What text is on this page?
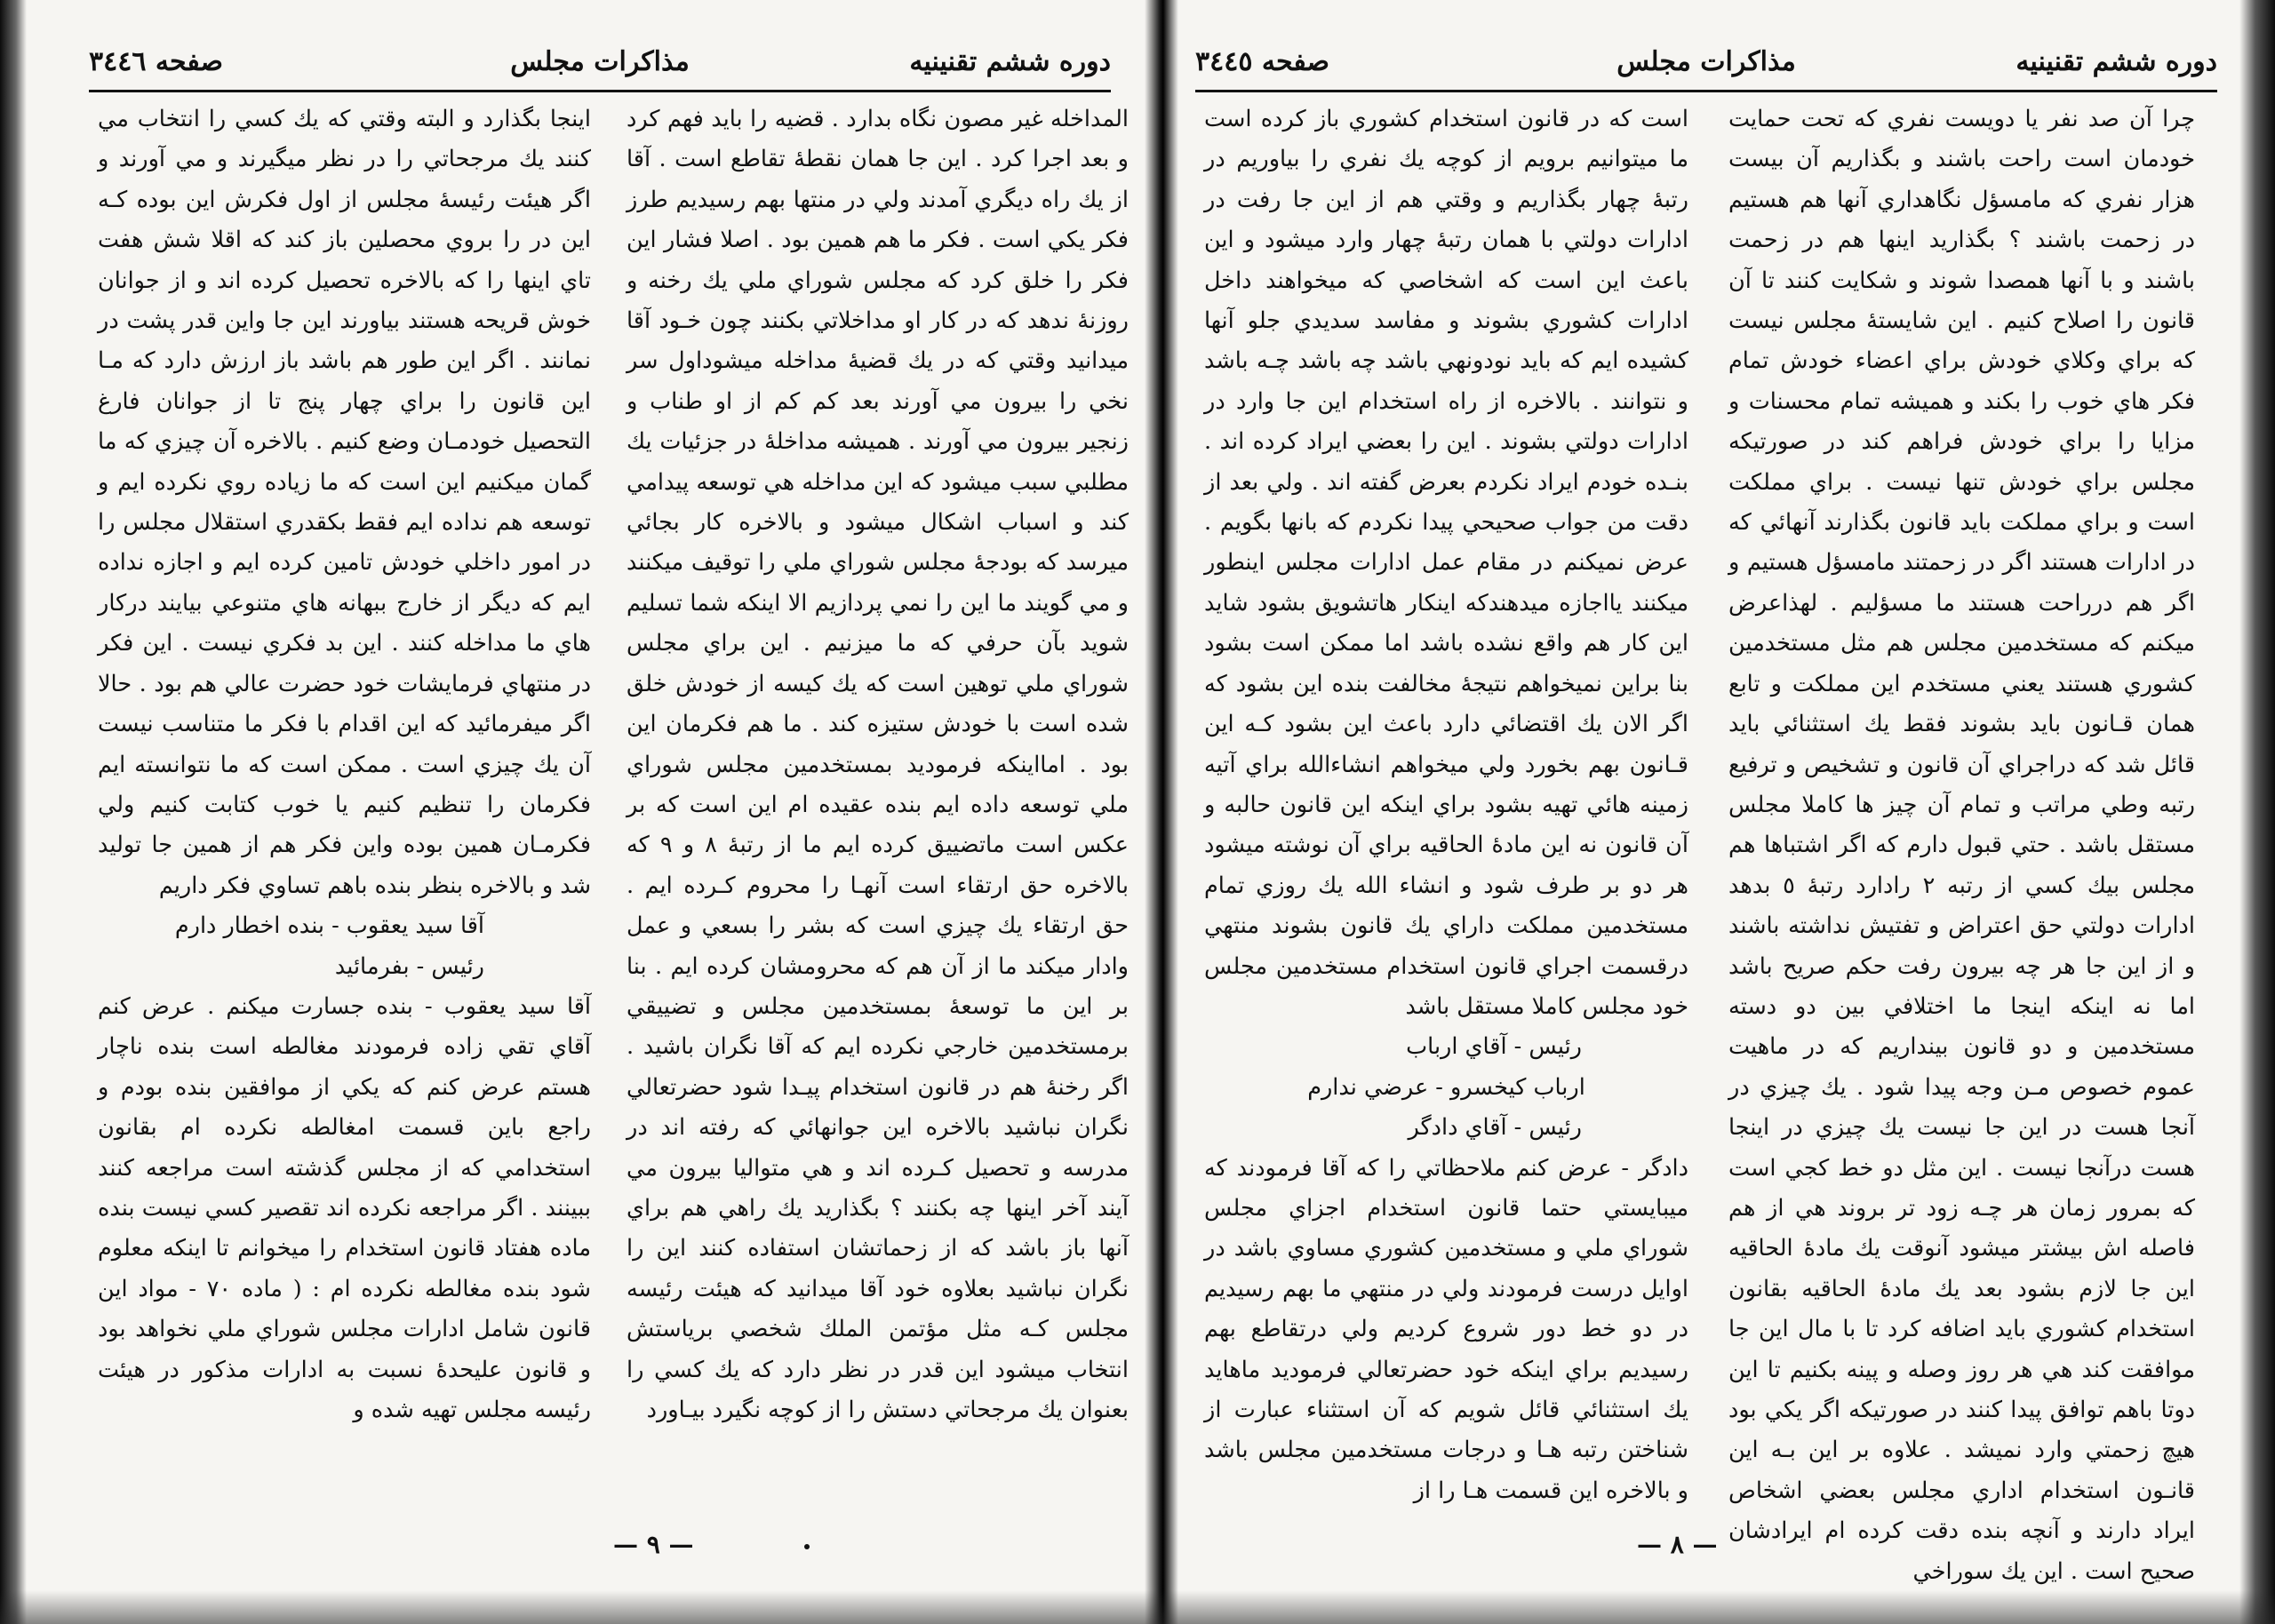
دوره ششم تقنينيه
مذاكرات مجلس
صفحه ٣٤٤٦	دوره ششم تقنينيه
مذاكرات مجلس
صفحه ٣٤٤٥

چرا آن صد نفر يا دويست نفري كه تحت حمايت خودمان است راحت باشند و بگذاريم آن بيست هزار نفري كه مامسؤل نگاهداري آنها هم هستيم در زحمت باشند ؟ بگذاريد اينها هم در زحمت باشند و با آنها همصدا شوند و شكايت كنند تا آن قانون را اصلاح كنيم . اين شايستهٔ مجلس نيست كه براي وكلاي خودش براي اعضاء خودش تمام فكر هاي خوب را بكند و هميشه تمام محسنات و مزايا را براي خودش فراهم كند در صورتيكه مجلس براي خودش تنها نيست . براي مملكت است و براي مملكت بايد قانون بگذارند آنهائي كه در ادارات هستند اگر در زحمتند مامسؤل هستيم و اگر هم درراحت هستند ما مسؤليم . لهذاعرض ميكنم كه مستخدمين مجلس هم مثل مستخدمين كشوري هستند يعني مستخدم اين مملكت و تابع همان قـانون بايد بشوند فقط يك استثنائي بايد قائل شد كه دراجراي آن قانون و تشخيص و ترفيع رتبه وطي مراتب و تمام آن چيز ها كاملا مجلس مستقل باشد . حتي قبول دارم كه اگر اشتباها هم مجلس بيك كسي از رتبه ٢ رادارد رتبهٔ ٥ بدهد ادارات دولتي حق اعتراض و تفتيش نداشته باشند و از اين جا هر چه بيرون رفت حكم صريح باشد اما نه اينكه اينجا ما اختلافي بين دو دسته مستخدمين و دو قانون بينداريم كه در ماهيت عموم خصوص مـن وجه پيدا شود . يك چيزي در آنجا هست در اين جا نيست يك چيزي در اينجا هست درآنجا نيست . اين مثل دو خط كجي است كه بمرور زمان هر چـه زود تر بروند هي از هم فاصله اش بيشتر ميشود آنوقت يك مادهٔ الحاقيه اين جا لازم بشود بعد يك مادهٔ الحاقيه بقانون استخدام كشوري بايد اضافه كرد تا با مال اين جا موافقت كند هي هر روز وصله و پينه بكنيم تا اين دوتا باهم توافق پيدا كنند در صورتيكه اگر يكي بود هيچ زحمتي وارد نميشد . علاوه بر اين بـه اين قانـون استخدام اداري مجلس بعضي اشخاص ايراد دارند و آنچه بنده دقت كرده ام ايرادشان صحيح است . اين يك سوراخي

است كه در قانون استخدام كشوري باز كرده است ما ميتوانيم برويم از كوچه يك نفري را بياوريم در رتبهٔ چهار بگذاريم و وقتي هم از اين جا رفت در ادارات دولتي با همان رتبهٔ چهار وارد ميشود و اين باعث اين است كه اشخاصي كه ميخواهند داخل ادارات كشوري بشوند و مفاسد سديدي جلو آنها كشيده ايم كه بايد نودونهي باشد چه باشد چـه باشد و نتوانند . بالاخره از راه استخدام اين جا وارد در ادارات دولتي بشوند . اين را بعضي ايراد كرده اند . بنـده خودم ايراد نكردم بعرض گفته اند . ولي بعد از دقت من جواب صحيحي پيدا نكردم كه بانها بگويم . عرض نميكنم در مقام عمل ادارات مجلس اينطور ميكنند يااجازه ميدهندكه اينكار هاتشويق بشود شايد اين كار هم واقع نشده باشد اما ممكن است بشود بنا براين نميخواهم نتيجهٔ مخالفت بنده اين بشود كه اگر الان يك اقتضائي دارد باعث اين بشود كـه اين قـانون بهم بخورد ولي ميخواهم انشاءالله براي آتيه زمينه هائي تهيه بشود براي اينكه اين قانون حالبه و آن قانون نه اين مادهٔ الحاقيه براي آن نوشته ميشود هر دو بر طرف شود و انشاء الله يك روزي تمام مستخدمين مملكت داراي يك قانون بشوند منتهي درقسمت اجراي قانون استخدام مستخدمين مجلس خود مجلس كاملا مستقل باشد

رئيس - آقاي ارباب

ارباب كيخسرو - عرضي ندارم

رئيس - آقاي دادگر

دادگر - عرض كنم ملاحظاتي را كه آقا فرمودند كه ميبايستي حتما قانون استخدام اجزاي مجلس شوراي ملي و مستخدمين كشوري مساوي باشد در اوايل درست فرمودند ولي در منتهي ما بهم رسيديم در دو خط دور شروع كرديم ولي درتقاطع بهم رسيديم براي اينكه خود حضرتعالي فرموديد ماهايد يك استثنائي قائل شويم كه آن استثناء عبارت از شناختن رتبه هـا و درجات مستخدمين مجلس باشد و بالاخره اين قسمت هـا را از

المداخله غير مصون نگاه بدارد . قضيه را بايد فهم كرد و بعد اجرا كرد . اين جا همان نقطهٔ تقاطع است . آقا از يك راه ديگري آمدند ولي در منتها بهم رسيديم طرز فكر يكي است . فكر ما هم همين بود . اصلا فشار اين فكر را خلق كرد كه مجلس شوراي ملي يك رخنه و روزنهٔ ندهد كه در كار او مداخلاتي بكنند چون خـود آقا ميدانيد وقتي كه در يك قضيهٔ مداخله ميشوداول سر نخي را بيرون مي آورند بعد كم كم از او طناب و زنجير بيرون مي آورند . هميشه مداخلهٔ در جزئيات يك مطلبي سبب ميشود كه اين مداخله هي توسعه پيدامي كند و اسباب اشكال ميشود و بالاخره كار بجائي ميرسد كه بودجهٔ مجلس شوراي ملي را توقيف ميكنند و مي گويند ما اين را نمي پردازيم الا اينكه شما تسليم شويد بآن حرفي كه ما ميزنيم . اين براي مجلس شوراي ملي توهين است كه يك كيسه از خودش خلق شده است با خودش ستيزه كند . ما هم فكرمان اين بود . امااينكه فرموديد بمستخدمين مجلس شوراي ملي توسعه داده ايم بنده عقيده ام اين است كه بر عكس است ماتضييق كرده ايم ما از رتبهٔ ٨ و ٩ كه بالاخره حق ارتقاء است آنهـا را محروم كـرده ايم . حق ارتقاء يك چيزي است كه بشر را بسعي و عمل وادار ميكند ما از آن هم كه محرومشان كرده ايم . بنا بر اين ما توسعهٔ بمستخدمين مجلس و تضييقي برمستخدمين خارجي نكرده ايم كه آقا نگران باشيد . اگر رخنهٔ هم در قانون استخدام پيـدا شود حضرتعالي نگران نباشيد بالاخره اين جوانهائي كه رفته اند در مدرسه و تحصيل كـرده اند و هي متواليا بيرون مي آيند آخر اينها چه بكنند ؟ بگذاريد يك راهي هم براي آنها باز باشد كه از زحماتشان استفاده كنند اين را نگران نباشيد بعلاوه خود آقا ميدانيد كه هيئت رئيسه مجلس كـه مثل مؤتمن الملك شخصي برياستش انتخاب ميشود اين قدر در نظر دارد كه يك كسي را بعنوان يك مرجحاتي دستش را از كوچه نگيرد بيـاورد

اينجا بگذارد و البته وقتي كه يك كسي را انتخاب مي كنند يك مرجحاتي را در نظر ميگيرند و مي آورند و اگر هيئت رئيسهٔ مجلس از اول فكرش اين بوده كـه اين در را بروي محصلين باز كند كه اقلا شش هفت تاي اينها را كه بالاخره تحصيل كرده اند و از جوانان خوش قريحه هستند بياورند اين جا واين قدر پشت در نمانند . اگر اين طور هم باشد باز ارزش دارد كه مـا اين قانون را براي چهار پنج تا از جوانان فارغ التحصيل خودمـان وضع كنيم . بالاخره آن چيزي كه ما گمان ميكنيم اين است كه ما زياده روي نكرده ايم و توسعه هم نداده ايم فقط بكقدري استقلال مجلس را در امور داخلي خودش تامين كرده ايم و اجازه نداده ايم كه ديگر از خارج ببهانه هاي متنوعي بيايند دركار هاي ما مداخله كنند . اين بد فكري نيست . اين فكر در منتهاي فرمايشات خود حضرت عالي هم بود . حالا اگر ميفرمائيد كه اين اقدام با فكر ما متناسب نيست آن يك چيزي است . ممكن است كه ما نتوانسته ايم فكرمان را تنظيم كنيم يا خوب كتابت كنيم ولي فكرمـان همين بوده واين فكر هم از همين جا توليد شد و بالاخره بنظر بنده باهم تساوي فكر داريم

آقا سيد يعقوب - بنده اخطار دارم

رئيس - بفرمائيد

آقا سيد يعقوب - بنده جسارت ميكنم . عرض كنم آقاي تقي زاده فرمودند مغالطه است بنده ناچار هستم عرض كنم كه يكي از موافقين بنده بودم و راجع باين قسمت امغالطه نكرده ام بقانون استخدامي كه از مجلس گذشته است مراجعه كنند ببينند . اگر مراجعه نكرده اند تقصير كسي نيست بنده ماده هفتاد قانون استخدام را ميخوانم تا اينكه معلوم شود بنده مغالطه نكرده ام : ( ماده ٧٠ - مواد اين قانون شامل ادارات مجلس شوراي ملي نخواهد بود و قانون عليحدهٔ نسبت به ادارات مذكور در هيئت رئيسه مجلس تهيه شده و

— ٩ —	— ٨ —
